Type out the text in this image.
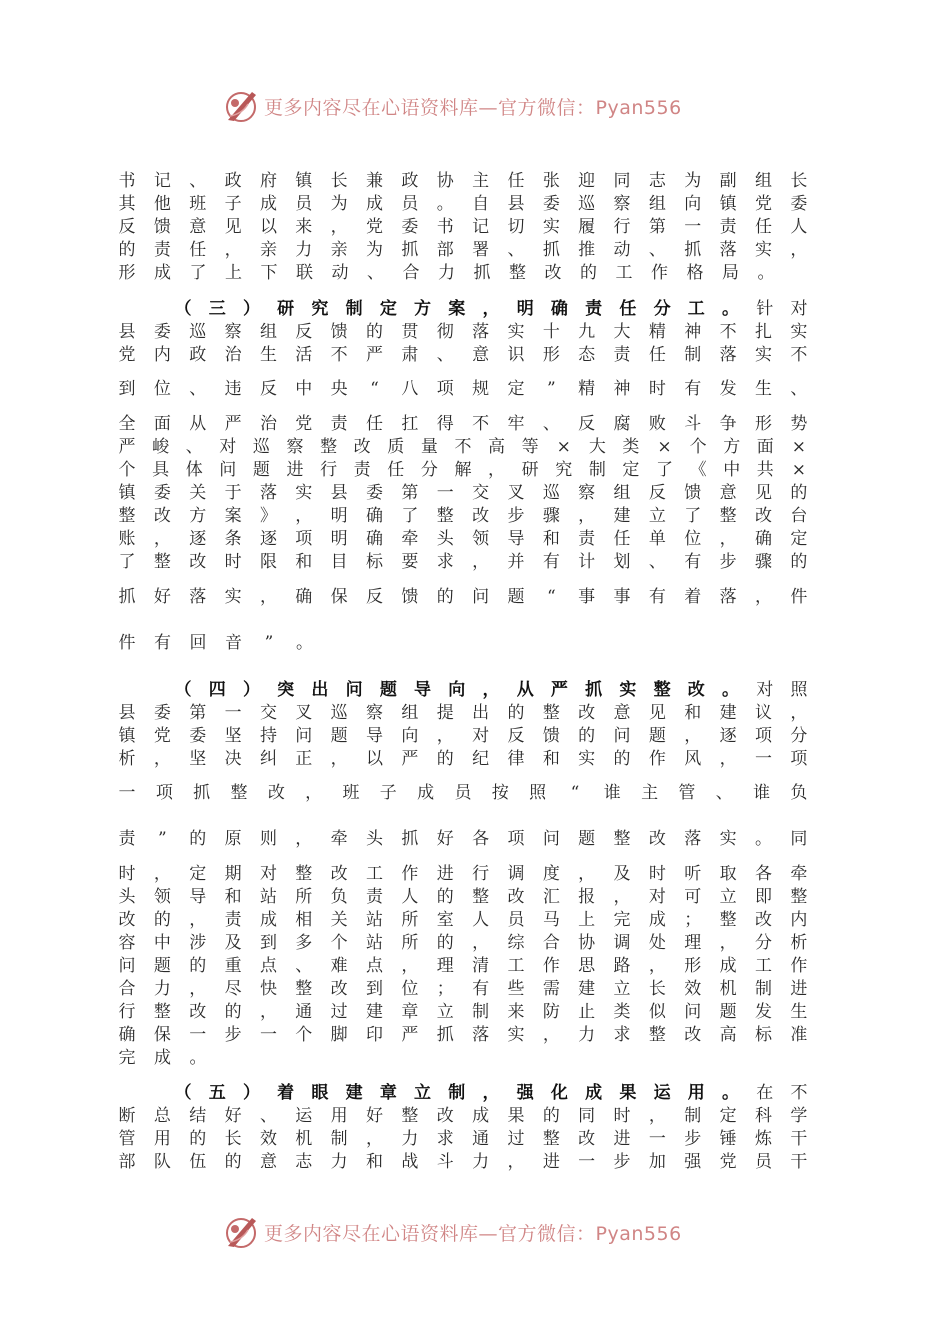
更多内容尽在心语资料库—官方微信：Pyan556
书 记 、 政 府 镇 长 兼 政 协 主 任 张 迎 同 志 为 副 组 长
其 他 班 子 成 员 为 成 员 。 自 县 委 巡 察 组 向 镇 党 委
反 馈 意 见 以 来 ， 党 委 书 记 切 实 履 行 第 一 责 任 人
的 责 任 ， 亲 力 亲 为 抓 部 署 、 抓 推 动 、 抓 落 实 ，
形 成 了 上 下 联 动 、 合 力 抓 整 改 的 工 作 格 局 。
（ 三 ） 研 究 制 定 方 案 ， 明 确 责 任 分 工 。 针 对
县 委 巡 察 组 反 馈 的 贯 彻 落 实 十 九 大 精 神 不 扎 实
党 内 政 治 生 活 不 严 肃 、 意 识 形 态 责 任 制 落 实 不
到 位 、 违 反 中 央 “ 八 项 规 定 ” 精 神 时 有 发 生 、
全 面 从 严 治 党 责 任 扛 得 不 牢 、 反 腐 败 斗 争 形 势
严 峻 、 对 巡 察 整 改 质 量 不 高 等 × 大 类 × 个 方 面 ×
个 具 体 问 题 进 行 责 任 分 解 ， 研 究 制 定 了 《 中 共 ×
镇 委 关 于 落 实 县 委 第 一 交 叉 巡 察 组 反 馈 意 见 的
整 改 方 案 》 ， 明 确 了 整 改 步 骤 ， 建 立 了 整 改 台
账 ， 逐 条 逐 项 明 确 牵 头 领 导 和 责 任 单 位 ， 确 定
了 整 改 时 限 和 目 标 要 求 ， 并 有 计 划 、 有 步 骤 的
抓 好 落 实 ， 确 保 反 馈 的 问 题 “ 事 事 有 着 落 ， 件
件 有 回 音 ” 。
（ 四 ） 突 出 问 题 导 向 ， 从 严 抓 实 整 改 。 对 照
县 委 第 一 交 叉 巡 察 组 提 出 的 整 改 意 见 和 建 议 ，
镇 党 委 坚 持 问 题 导 向 ， 对 反 馈 的 问 题 ， 逐 项 分
析 ， 坚 决 纠 正 ， 以 严 的 纪 律 和 实 的 作 风 ， 一 项
一 项 抓 整 改 ， 班 子 成 员 按 照 “ 谁 主 管 、 谁 负
责 ” 的 原 则 ， 牵 头 抓 好 各 项 问 题 整 改 落 实 。 同
时 ， 定 期 对 整 改 工 作 进 行 调 度 ， 及 时 听 取 各 牵
头 领 导 和 站 所 负 责 人 的 整 改 汇 报 ， 对 可 立 即 整
改 的 ， 责 成 相 关 站 所 室 人 员 马 上 完 成 ； 整 改 内
容 中 涉 及 到 多 个 站 所 的 ， 综 合 协 调 处 理 ， 分 析
问 题 的 重 点 、 难 点 ， 理 清 工 作 思 路 ， 形 成 工 作
合 力 ， 尽 快 整 改 到 位 ； 有 些 需 建 立 长 效 机 制 进
行 整 改 的 ， 通 过 建 章 立 制 来 防 止 类 似 问 题 发 生
确 保 一 步 一 个 脚 印 严 抓 落 实 ， 力 求 整 改 高 标 准
完 成 。
（ 五 ） 着 眼 建 章 立 制 ， 强 化 成 果 运 用 。 在 不
断 总 结 好 、 运 用 好 整 改 成 果 的 同 时 ， 制 定 科 学
管 用 的 长 效 机 制 ， 力 求 通 过 整 改 进 一 步 锤 炼 干
部 队 伍 的 意 志 力 和 战 斗 力 ， 进 一 步 加 强 党 员 干
更多内容尽在心语资料库—官方微信：Pyan556
